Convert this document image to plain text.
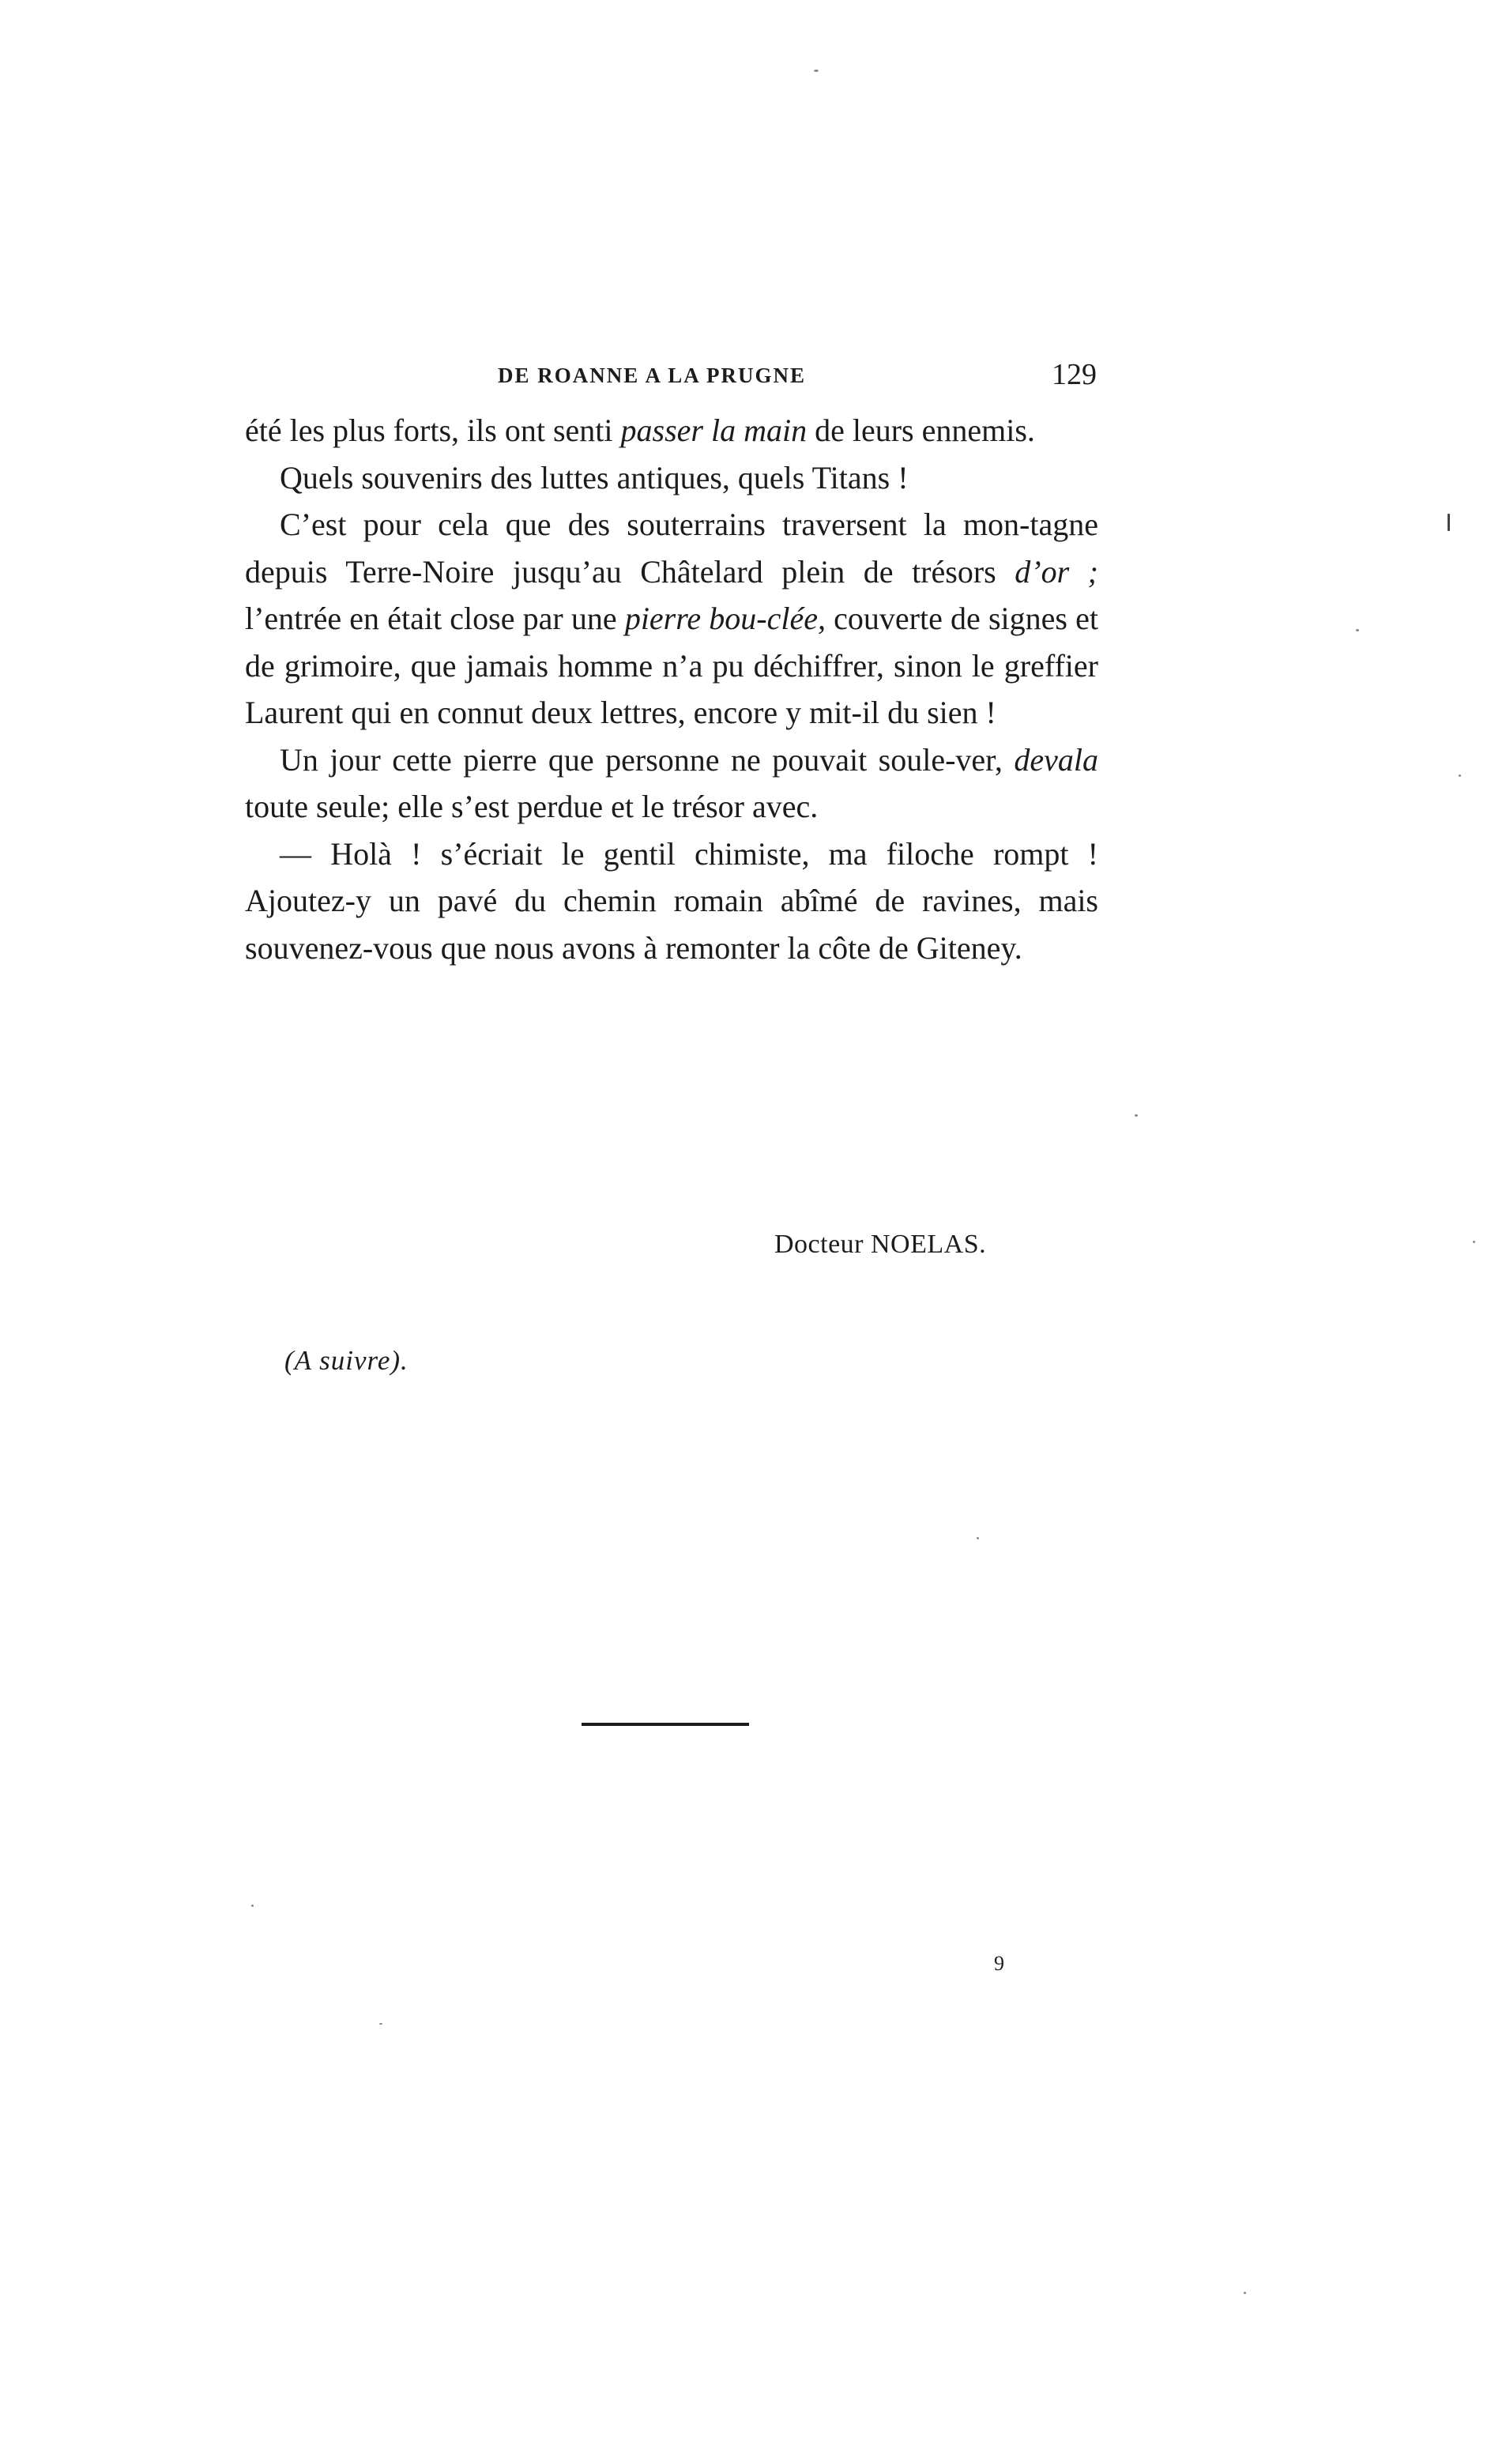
DE ROANNE A LA PRUGNE	129

été les plus forts, ils ont senti passer la main de leurs ennemis.

Quels souvenirs des luttes antiques, quels Titans !

C’est pour cela que des souterrains traversent la mon-tagne depuis Terre-Noire jusqu’au Châtelard plein de trésors d’or ; l’entrée en était close par une pierre bou-clée, couverte de signes et de grimoire, que jamais homme n’a pu déchiffrer, sinon le greffier Laurent qui en connut deux lettres, encore y mit-il du sien !

Un jour cette pierre que personne ne pouvait soule-ver, devala toute seule; elle s’est perdue et le trésor avec.

— Holà ! s’écriait le gentil chimiste, ma filoche rompt ! Ajoutez-y un pavé du chemin romain abîmé de ravines, mais souvenez-vous que nous avons à remonter la côte de Giteney.

Docteur NOELAS.
(A suivre).
9
